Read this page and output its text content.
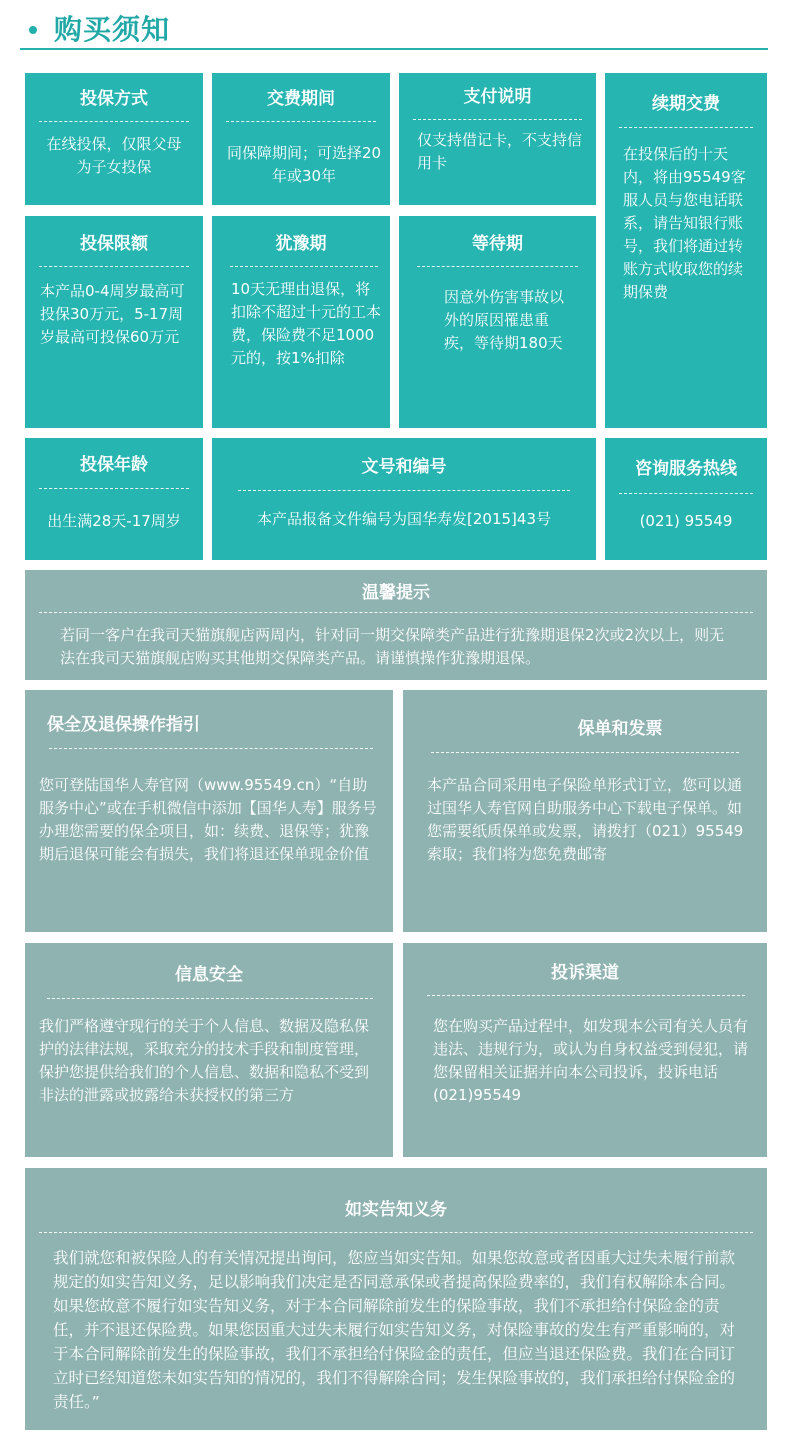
购买须知
投保方式
在线投保，仅限父母为子女投保
交费期间
同保障期间；可选择20年或30年
支付说明
仅支持借记卡，不支持信用卡
续期交费
在投保后的十天内，将由95549客服人员与您电话联系，请告知银行账号，我们将通过转账方式收取您的续期保费
投保限额
本产品0-4周岁最高可投保30万元，5-17周岁最高可投保60万元
犹豫期
10天无理由退保，将扣除不超过十元的工本费，保险费不足1000元的，按1%扣除
等待期
因意外伤害事故以外的原因罹患重疾，等待期180天
投保年龄
出生满28天-17周岁
文号和编号
本产品报备文件编号为国华寿发[2015]43号
咨询服务热线
(021) 95549
温馨提示
若同一客户在我司天猫旗舰店两周内，针对同一期交保障类产品进行犹豫期退保2次或2次以上，则无法在我司天猫旗舰店购买其他期交保障类产品。请谨慎操作犹豫期退保。
保全及退保操作指引
您可登陆国华人寿官网（www.95549.cn）“自助服务中心”或在手机微信中添加【国华人寿】服务号办理您需要的保全项目，如：续费、退保等；犹豫期后退保可能会有损失，我们将退还保单现金价值
保单和发票
本产品合同采用电子保险单形式订立，您可以通过国华人寿官网自助服务中心下载电子保单。如您需要纸质保单或发票，请拨打（021）95549索取；我们将为您免费邮寄
信息安全
我们严格遵守现行的关于个人信息、数据及隐私保护的法律法规，采取充分的技术手段和制度管理，保护您提供给我们的个人信息、数据和隐私不受到非法的泄露或披露给未获授权的第三方
投诉渠道
您在购买产品过程中，如发现本公司有关人员有违法、违规行为，或认为自身权益受到侵犯，请您保留相关证据并向本公司投诉，投诉电话(021)95549
如实告知义务
我们就您和被保险人的有关情况提出询问，您应当如实告知。如果您故意或者因重大过失未履行前款规定的如实告知义务，足以影响我们决定是否同意承保或者提高保险费率的，我们有权解除本合同。如果您故意不履行如实告知义务，对于本合同解除前发生的保险事故，我们不承担给付保险金的责任，并不退还保险费。如果您因重大过失未履行如实告知义务，对保险事故的发生有严重影响的，对于本合同解除前发生的保险事故，我们不承担给付保险金的责任，但应当退还保险费。我们在合同订立时已经知道您未如实告知的情况的，我们不得解除合同；发生保险事故的，我们承担给付保险金的责任。”
